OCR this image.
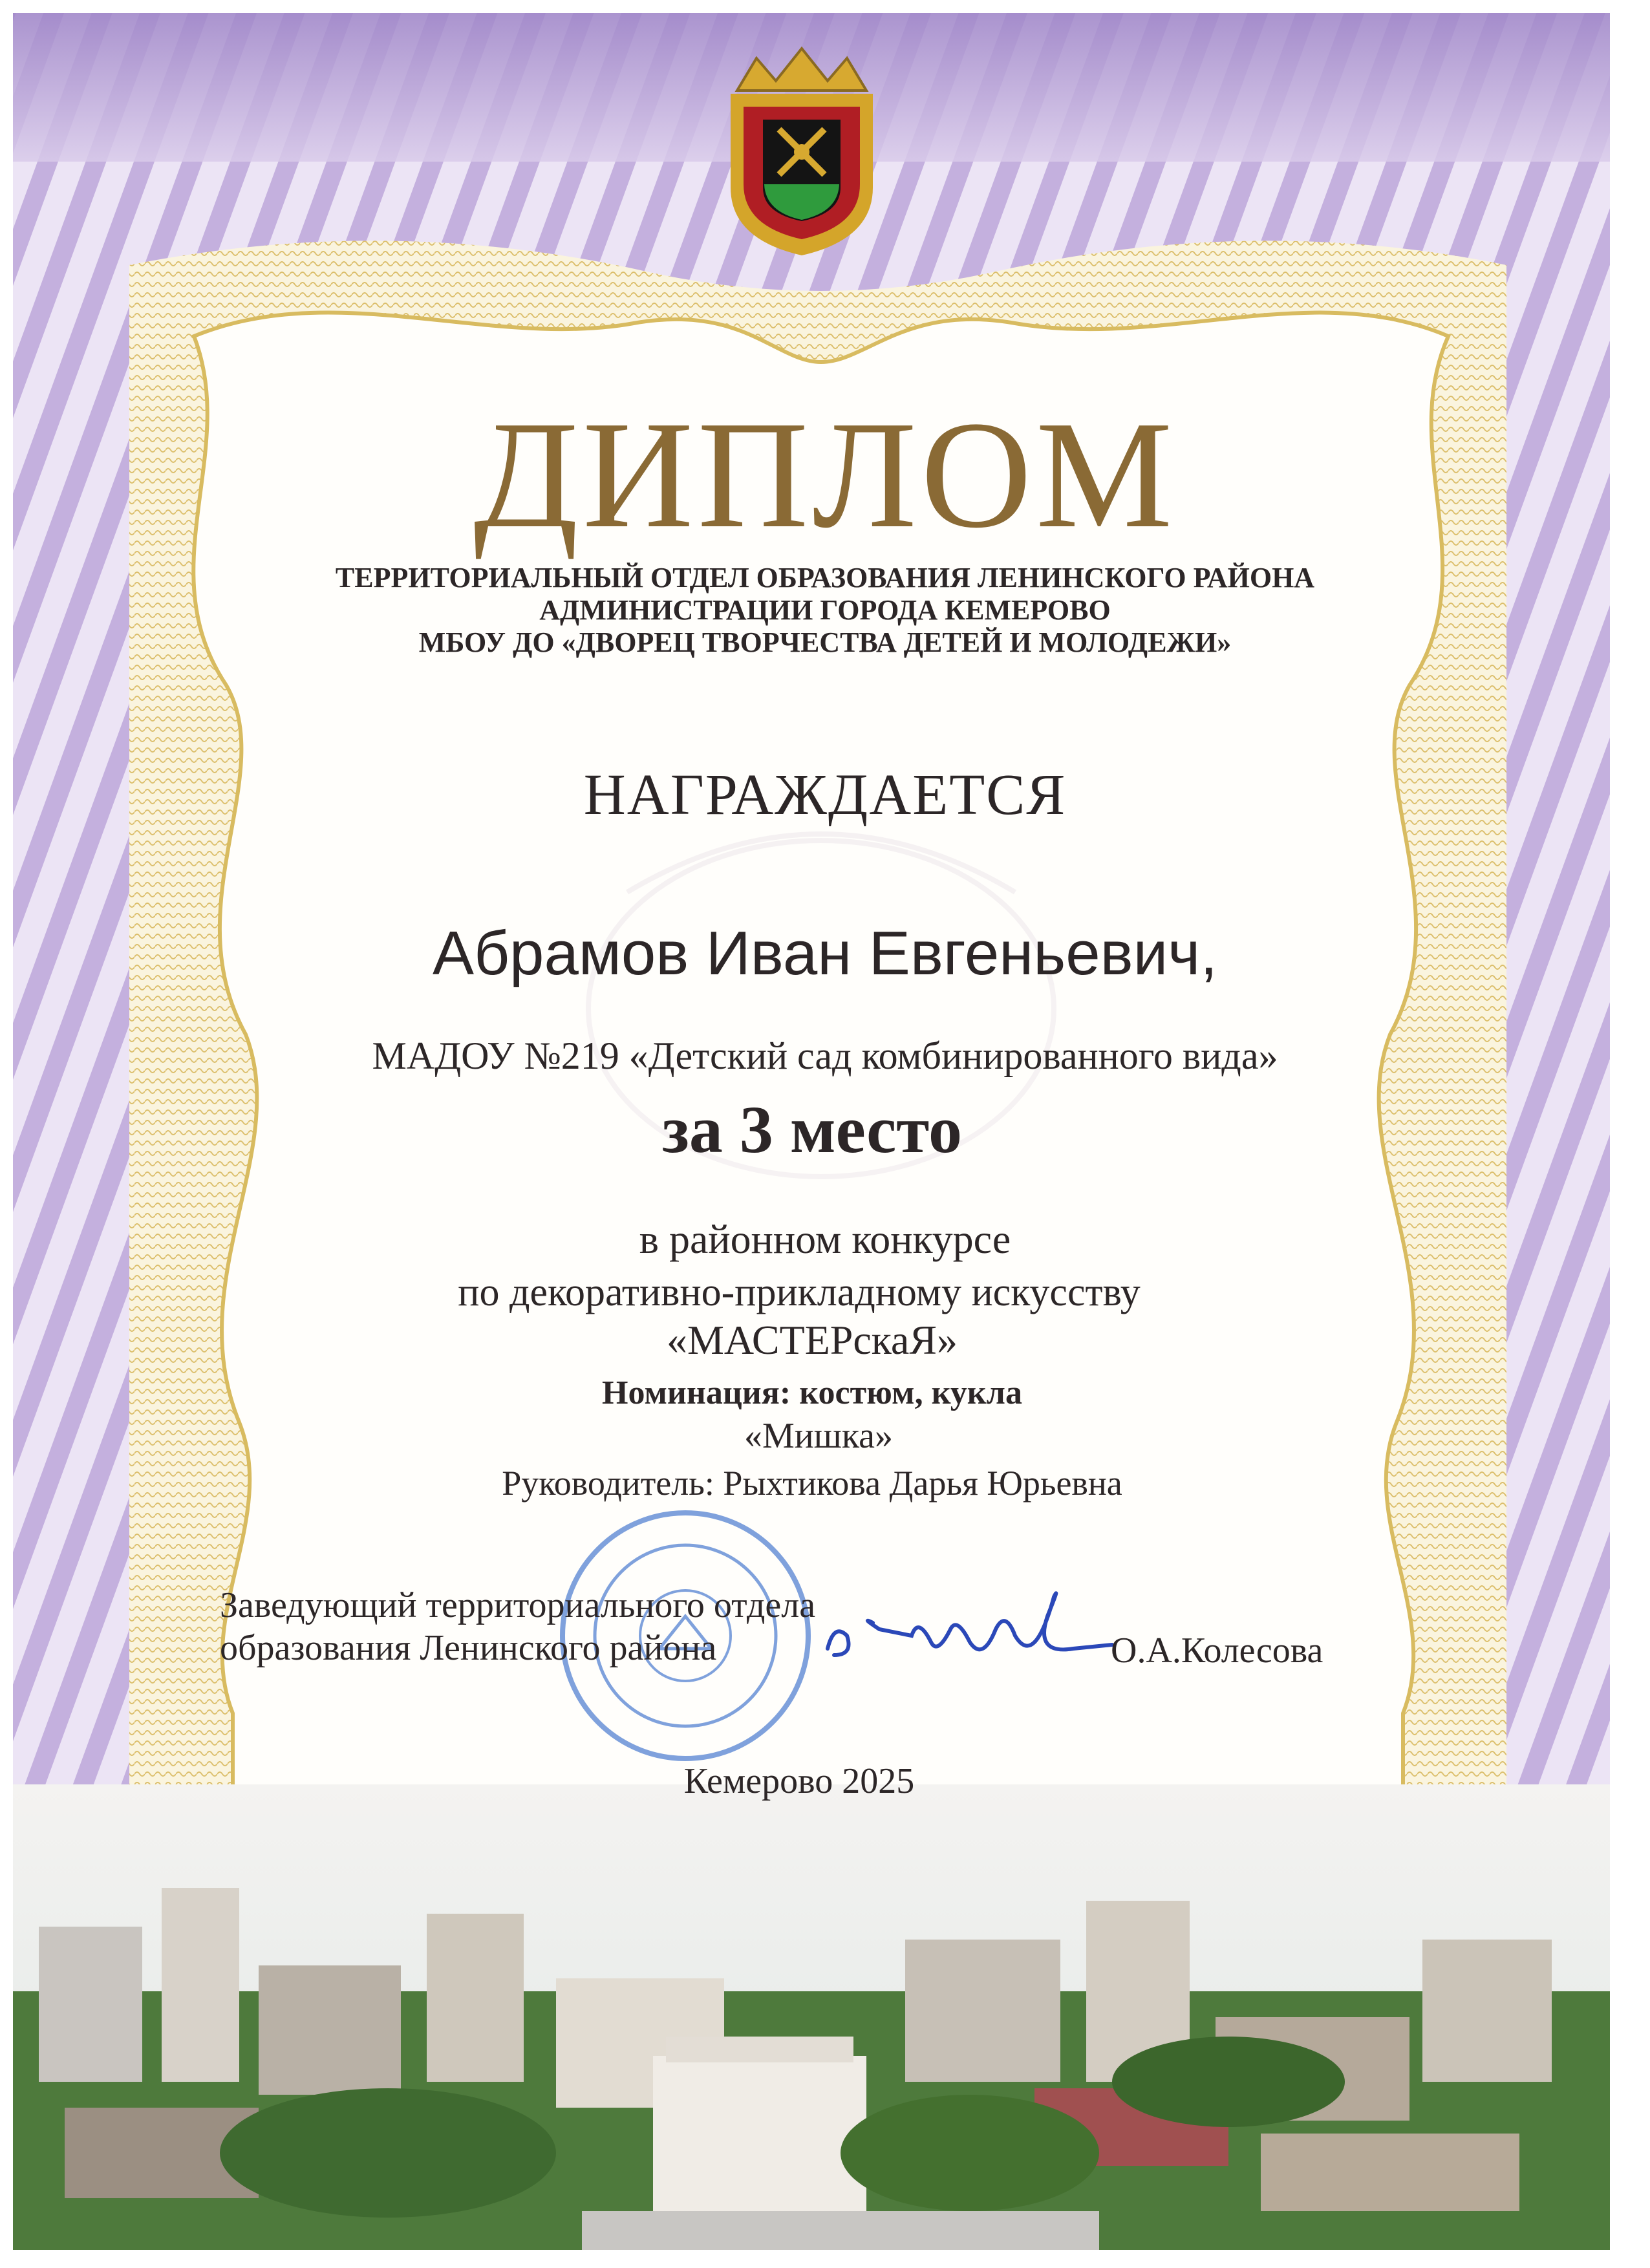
ДИПЛОМ
ТЕРРИТОРИАЛЬНЫЙ ОТДЕЛ ОБРАЗОВАНИЯ ЛЕНИНСКОГО РАЙОНА
АДМИНИСТРАЦИИ ГОРОДА КЕМЕРОВО
МБОУ ДО «ДВОРЕЦ ТВОРЧЕСТВА ДЕТЕЙ И МОЛОДЕЖИ»
НАГРАЖДАЕТСЯ
Абрамов Иван Евгеньевич,
МАДОУ №219 «Детский сад комбинированного вида»
за 3 место
в районном конкурсе
по декоративно-прикладному искусству
«МАСТЕРскаЯ»
Номинация: костюм, кукла
«Мишка»
Руководитель: Рыхтикова Дарья Юрьевна
Заведующий территориального отдела
образования Ленинского района	О.А.Колесова
Кемерово 2025
